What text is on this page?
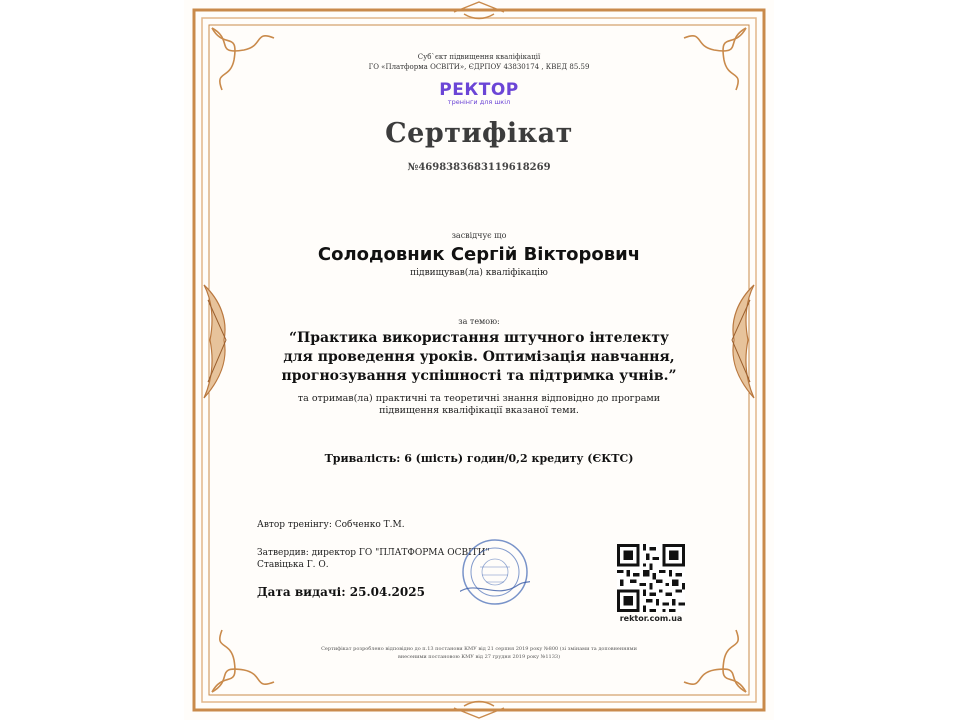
Суб`єкт підвищення кваліфікації
ГО «Платформа ОСВІТИ», ЄДРПОУ 43830174 , КВЕД 85.59
РЕКТОР
тренінги для шкіл
Сертифікат
№4698383683119618269
засвідчує що
Солодовник Сергій Вікторович
підвищував(ла) кваліфікацію
за темою:
“Практика використання штучного інтелекту
для проведення уроків. Оптимізація навчання,
прогнозування успішності та підтримка учнів.”
та отримав(ла) практичні та теоретичні знання відповідно до програми
підвищення кваліфікації вказаної теми.
Тривалість: 6 (шість) годин/0,2 кредиту (ЄКТС)
Автор тренінгу: Собченко Т.М.
Затвердив: директор ГО "ПЛАТФОРМА ОСВІТИ"
Ставіцька Г. О.
Дата видачі: 25.04.2025
rektor.com.ua
Сертифікат розроблено відповідно до п.13 постанови КМУ від 21 серпня 2019 року №800 (зі змінами та доповненнями
внесеними постановою КМУ від 27 грудня 2019 року №1133)
